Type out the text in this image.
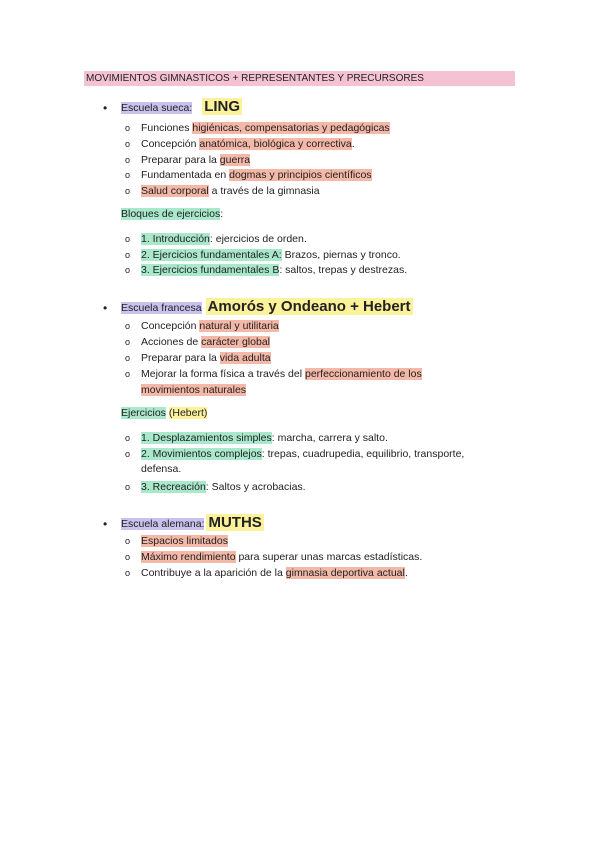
MOVIMIENTOS GIMNASTICOS + REPRESENTANTES Y PRECURSORES
• Escuela sueca: LING
o Funciones higiénicas, compensatorias y pedagógicas
o Concepción anatómica, biológica y correctiva.
o Preparar para la guerra
o Fundamentada en dogmas y principios científicos
o Salud corporal a través de la gimnasia
Bloques de ejercicios:
o 1. Introducción: ejercicios de orden.
o 2. Ejercicios fundamentales A: Brazos, piernas y tronco.
o 3. Ejercicios fundamentales B: saltos, trepas y destrezas.
• Escuela francesa Amorós y Ondeano + Hebert
o Concepción natural y utilitaria
o Acciones de carácter global
o Preparar para la vida adulta
o Mejorar la forma física a través del perfeccionamiento de los
movimientos naturales
Ejercicios (Hebert)
o 1. Desplazamientos simples: marcha, carrera y salto.
o 2. Movimientos complejos: trepas, cuadrupedia, equilibrio, transporte,
defensa.
o 3. Recreación: Saltos y acrobacias.
• Escuela alemana: MUTHS
o Espacios limitados
o Máximo rendimiento para superar unas marcas estadísticas.
o Contribuye a la aparición de la gimnasia deportiva actual.
